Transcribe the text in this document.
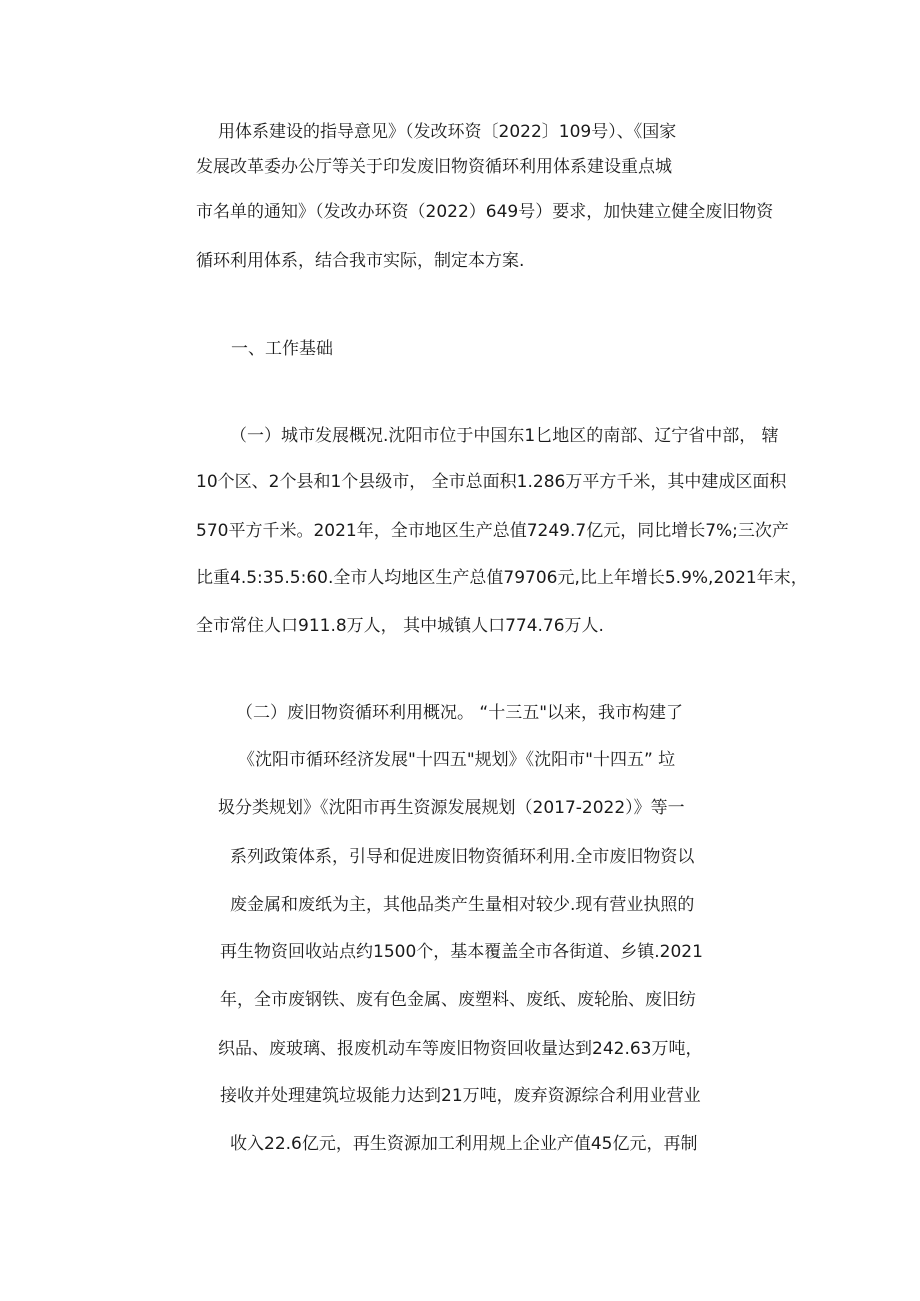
用体系建设的指导意见》（发改环资〔2022〕109号）、《国家
发展改革委办公厅等关于印发废旧物资循环利用体系建设重点城
市名单的通知》（发改办环资（2022）649号）要求，加快建立健全废旧物资
循环利用体系，结合我市实际，制定本方案.
一、工作基础
（一）城市发展概况.沈阳市位于中国东1匕地区的南部、辽宁省中部， 辖
10个区、2个县和1个县级市， 全市总面积1.286万平方千米，其中建成区面积
570平方千米。2021年，全市地区生产总值7249.7亿元，同比增长7%;三次产
比重4.5:35.5:60.全市人均地区生产总值79706元,比上年增长5.9%,2021年末，
全市常住人口911.8万人， 其中城镇人口774.76万人.
（二）废旧物资循环利用概况。 “十三五"以来，我市构建了
《沈阳市循环经济发展"十四五"规划》《沈阳市"十四五” 垃
圾分类规划》《沈阳市再生资源发展规划（2017-2022）》等一
系列政策体系，引导和促进废旧物资循环利用.全市废旧物资以
废金属和废纸为主，其他品类产生量相对较少.现有营业执照的
再生物资回收站点约1500个，基本覆盖全市各街道、乡镇.2021
年，全市废钢铁、废有色金属、废塑料、废纸、废轮胎、废旧纺
织品、废玻璃、报废机动车等废旧物资回收量达到242.63万吨，
接收并处理建筑垃圾能力达到21万吨，废弃资源综合利用业营业
收入22.6亿元，再生资源加工利用规上企业产值45亿元，再制
